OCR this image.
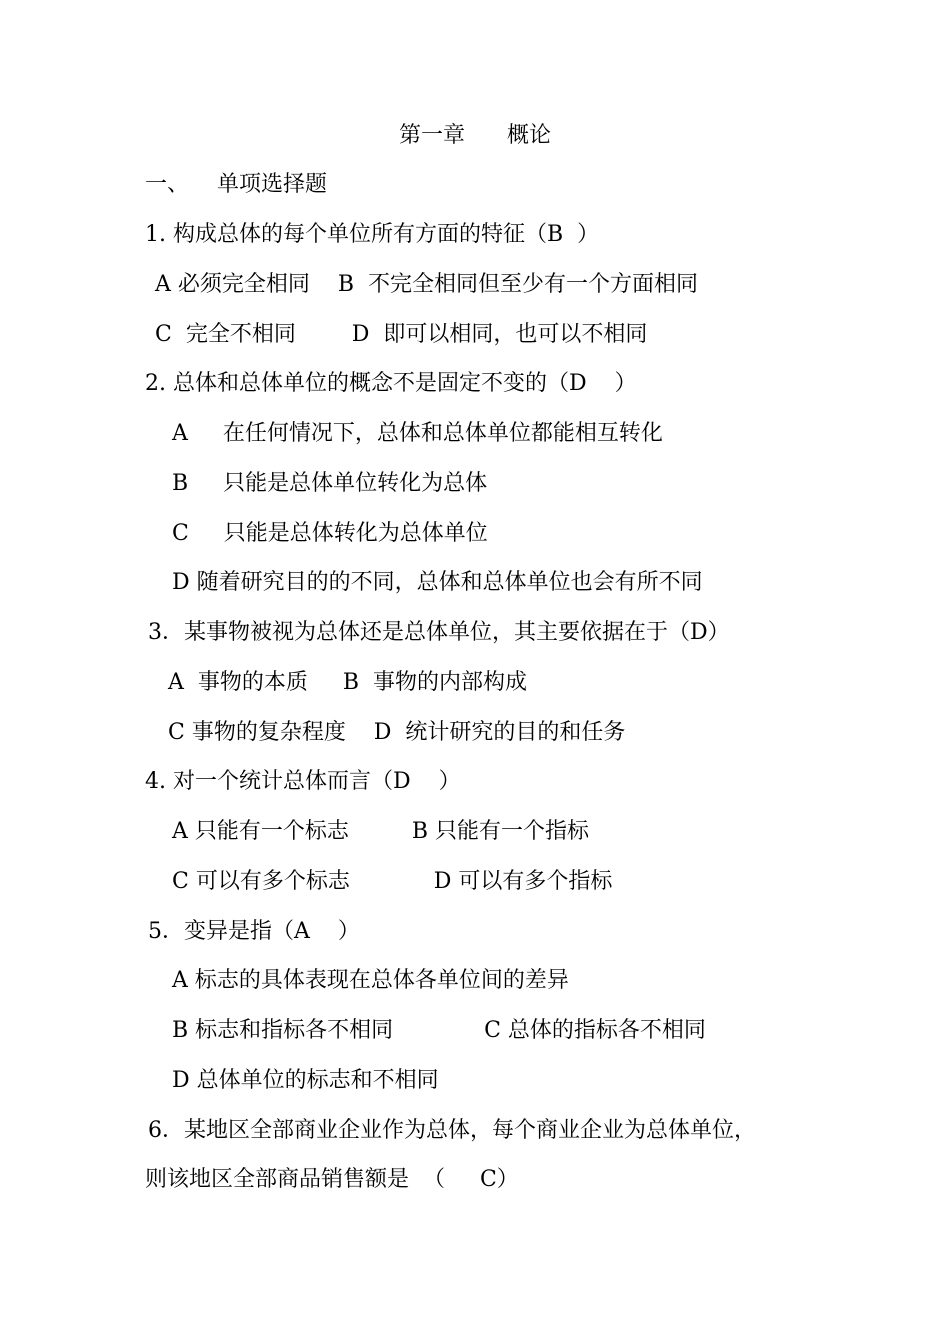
第一章      概论
一、    单项选择题
1. 构成总体的每个单位所有方面的特征（B  ）
A 必须完全相同    B  不完全相同但至少有一个方面相同
C  完全不相同        D  即可以相同，也可以不相同
2. 总体和总体单位的概念不是固定不变的（D    ）
A     在任何情况下，总体和总体单位都能相互转化
B     只能是总体单位转化为总体
C     只能是总体转化为总体单位
D 随着研究目的的不同，总体和总体单位也会有所不同
3．某事物被视为总体还是总体单位，其主要依据在于（D）
A  事物的本质     B  事物的内部构成
C 事物的复杂程度    D  统计研究的目的和任务
4. 对一个统计总体而言（D    ）
A 只能有一个标志         B 只能有一个指标
C 可以有多个标志            D 可以有多个指标
5．变异是指（A    ）
A 标志的具体表现在总体各单位间的差异
B 标志和指标各不相同             C 总体的指标各不相同
D 总体单位的标志和不相同
6．某地区全部商业企业作为总体，每个商业企业为总体单位，
则该地区全部商品销售额是  （     C）
